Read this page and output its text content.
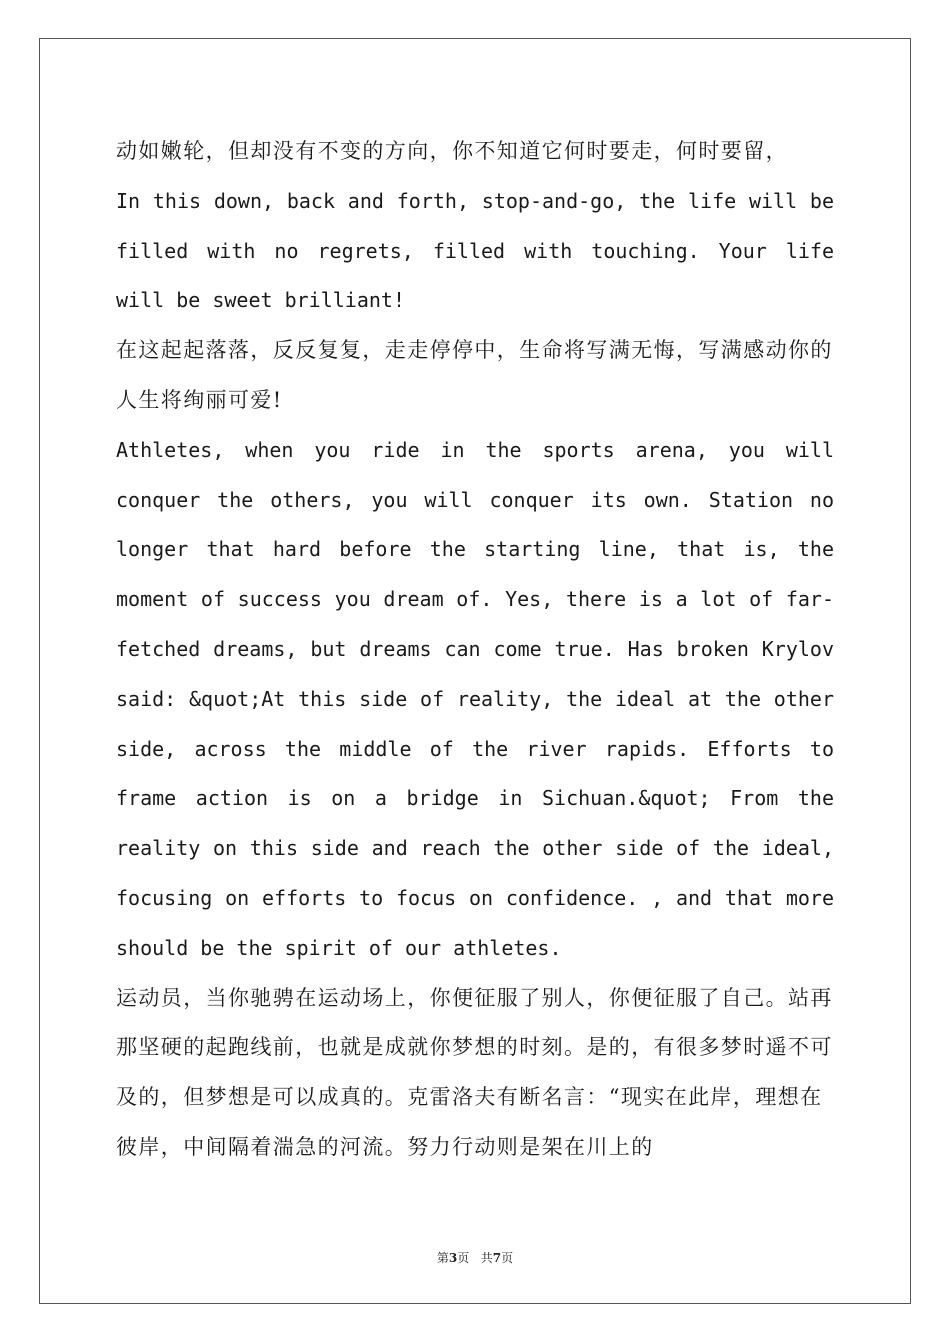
动如嫩轮，但却没有不变的方向，你不知道它何时要走，何时要留，

In this down, back and forth, stop-and-go, the life will be filled with no regrets, filled with touching. Your life will be sweet brilliant!

在这起起落落，反反复复，走走停停中，生命将写满无悔，写满感动你的人生将绚丽可爱!

Athletes, when you ride in the sports arena, you will conquer the others, you will conquer its own. Station no longer that hard before the starting line, that is, the moment of success you dream of. Yes, there is a lot of far-fetched dreams, but dreams can come true. Has broken Krylov said: &quot;At this side of reality, the ideal at the other side, across the middle of the river rapids. Efforts to frame action is on a bridge in Sichuan.&quot; From the reality on this side and reach the other side of the ideal, focusing on efforts to focus on confidence. , and that more should be the spirit of our athletes.

运动员，当你驰骋在运动场上，你便征服了别人，你便征服了自己。站再那坚硬的起跑线前，也就是成就你梦想的时刻。是的，有很多梦时遥不可及的，但梦想是可以成真的。克雷洛夫有断名言：“现实在此岸，理想在彼岸，中间隔着湍急的河流。努力行动则是架在川上的

第3页 共7页
